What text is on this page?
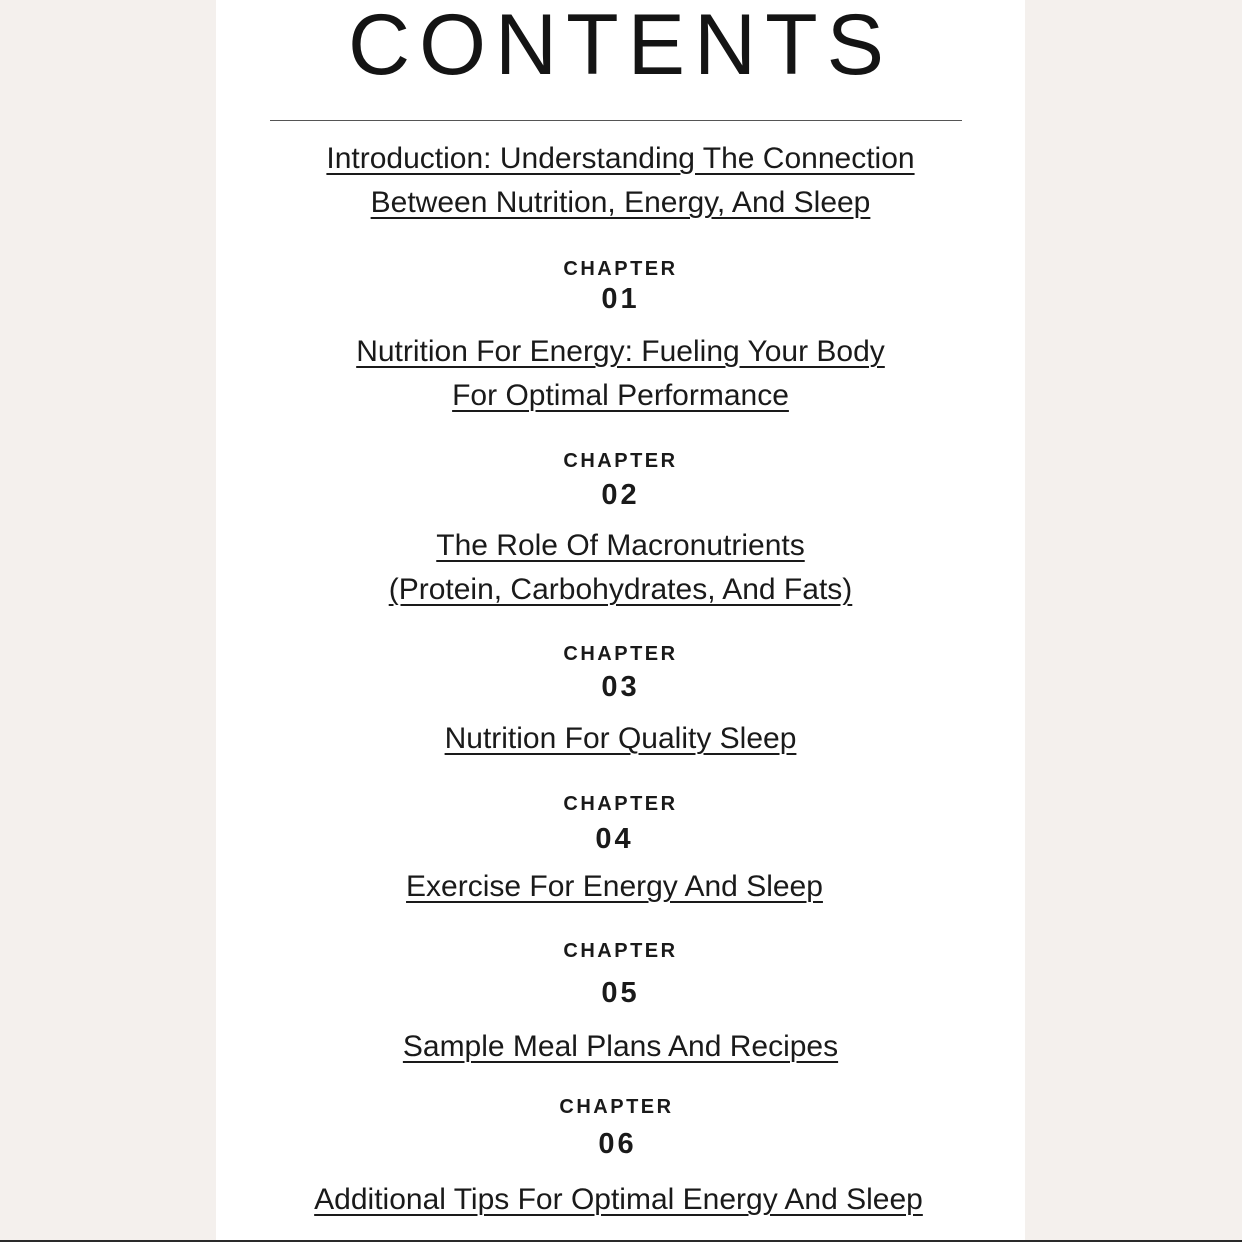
CONTENTS
Introduction: Understanding The Connection
Between Nutrition, Energy, And Sleep
CHAPTER
01
Nutrition For Energy: Fueling Your Body
For Optimal Performance
CHAPTER
02
The Role Of Macronutrients
(Protein, Carbohydrates, And Fats)
CHAPTER
03
Nutrition For Quality Sleep
CHAPTER
04
Exercise For Energy And Sleep
CHAPTER
05
Sample Meal Plans And Recipes
CHAPTER
06
Additional Tips For Optimal Energy And Sleep
